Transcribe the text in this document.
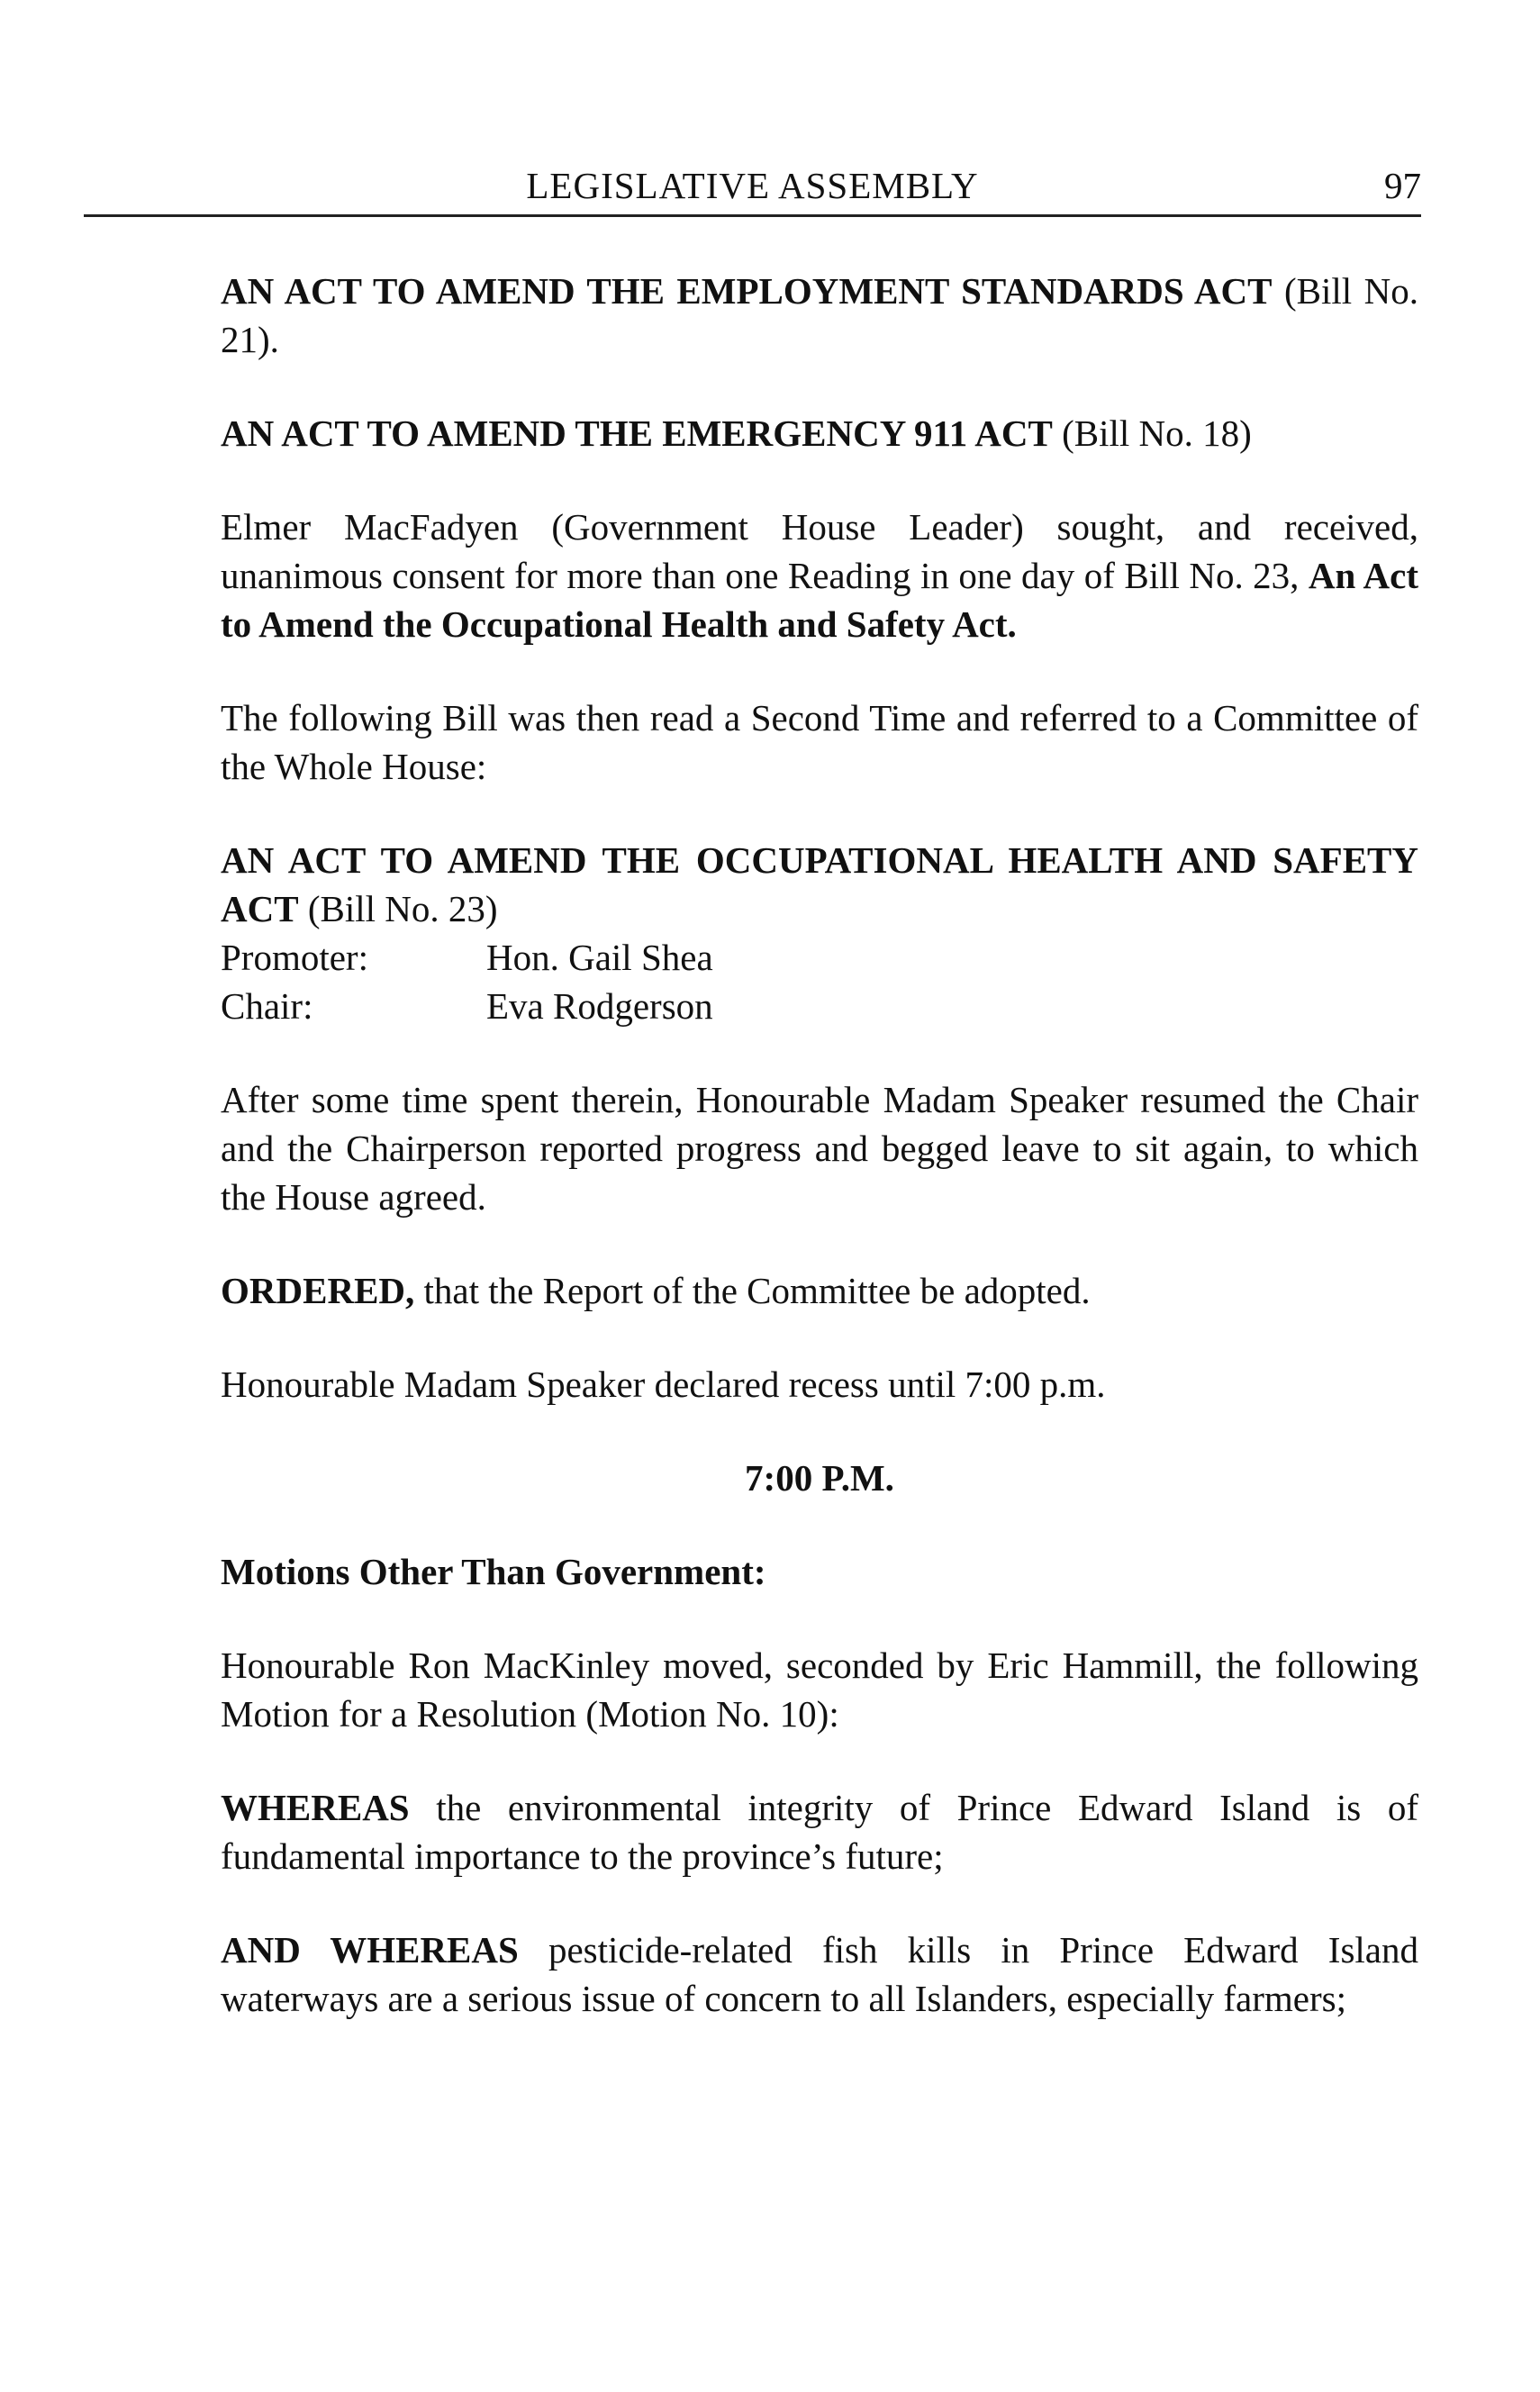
LEGISLATIVE ASSEMBLY	97

AN ACT TO AMEND THE EMPLOYMENT STANDARDS ACT (Bill No. 21).

AN ACT TO AMEND THE EMERGENCY 911 ACT (Bill No. 18)

Elmer MacFadyen (Government House Leader) sought, and received, unanimous consent for more than one Reading in one day of Bill No. 23, An Act to Amend the Occupational Health and Safety Act.

The following Bill was then read a Second Time and referred to a Committee of the Whole House:

AN ACT TO AMEND THE OCCUPATIONAL HEALTH AND SAFETY ACT (Bill No. 23)

Promoter:	Hon. Gail Shea
Chair:	Eva Rodgerson

After some time spent therein, Honourable Madam Speaker resumed the Chair and the Chairperson reported progress and begged leave to sit again, to which the House agreed.

ORDERED, that the Report of the Committee be adopted.

Honourable Madam Speaker declared recess until 7:00 p.m.

7:00 P.M.

Motions Other Than Government:

Honourable Ron MacKinley moved, seconded by Eric Hammill, the following Motion for a Resolution (Motion No. 10):

WHEREAS the environmental integrity of Prince Edward Island is of fundamental importance to the province’s future;

AND WHEREAS pesticide-related fish kills in Prince Edward Island waterways are a serious issue of concern to all Islanders, especially farmers;
